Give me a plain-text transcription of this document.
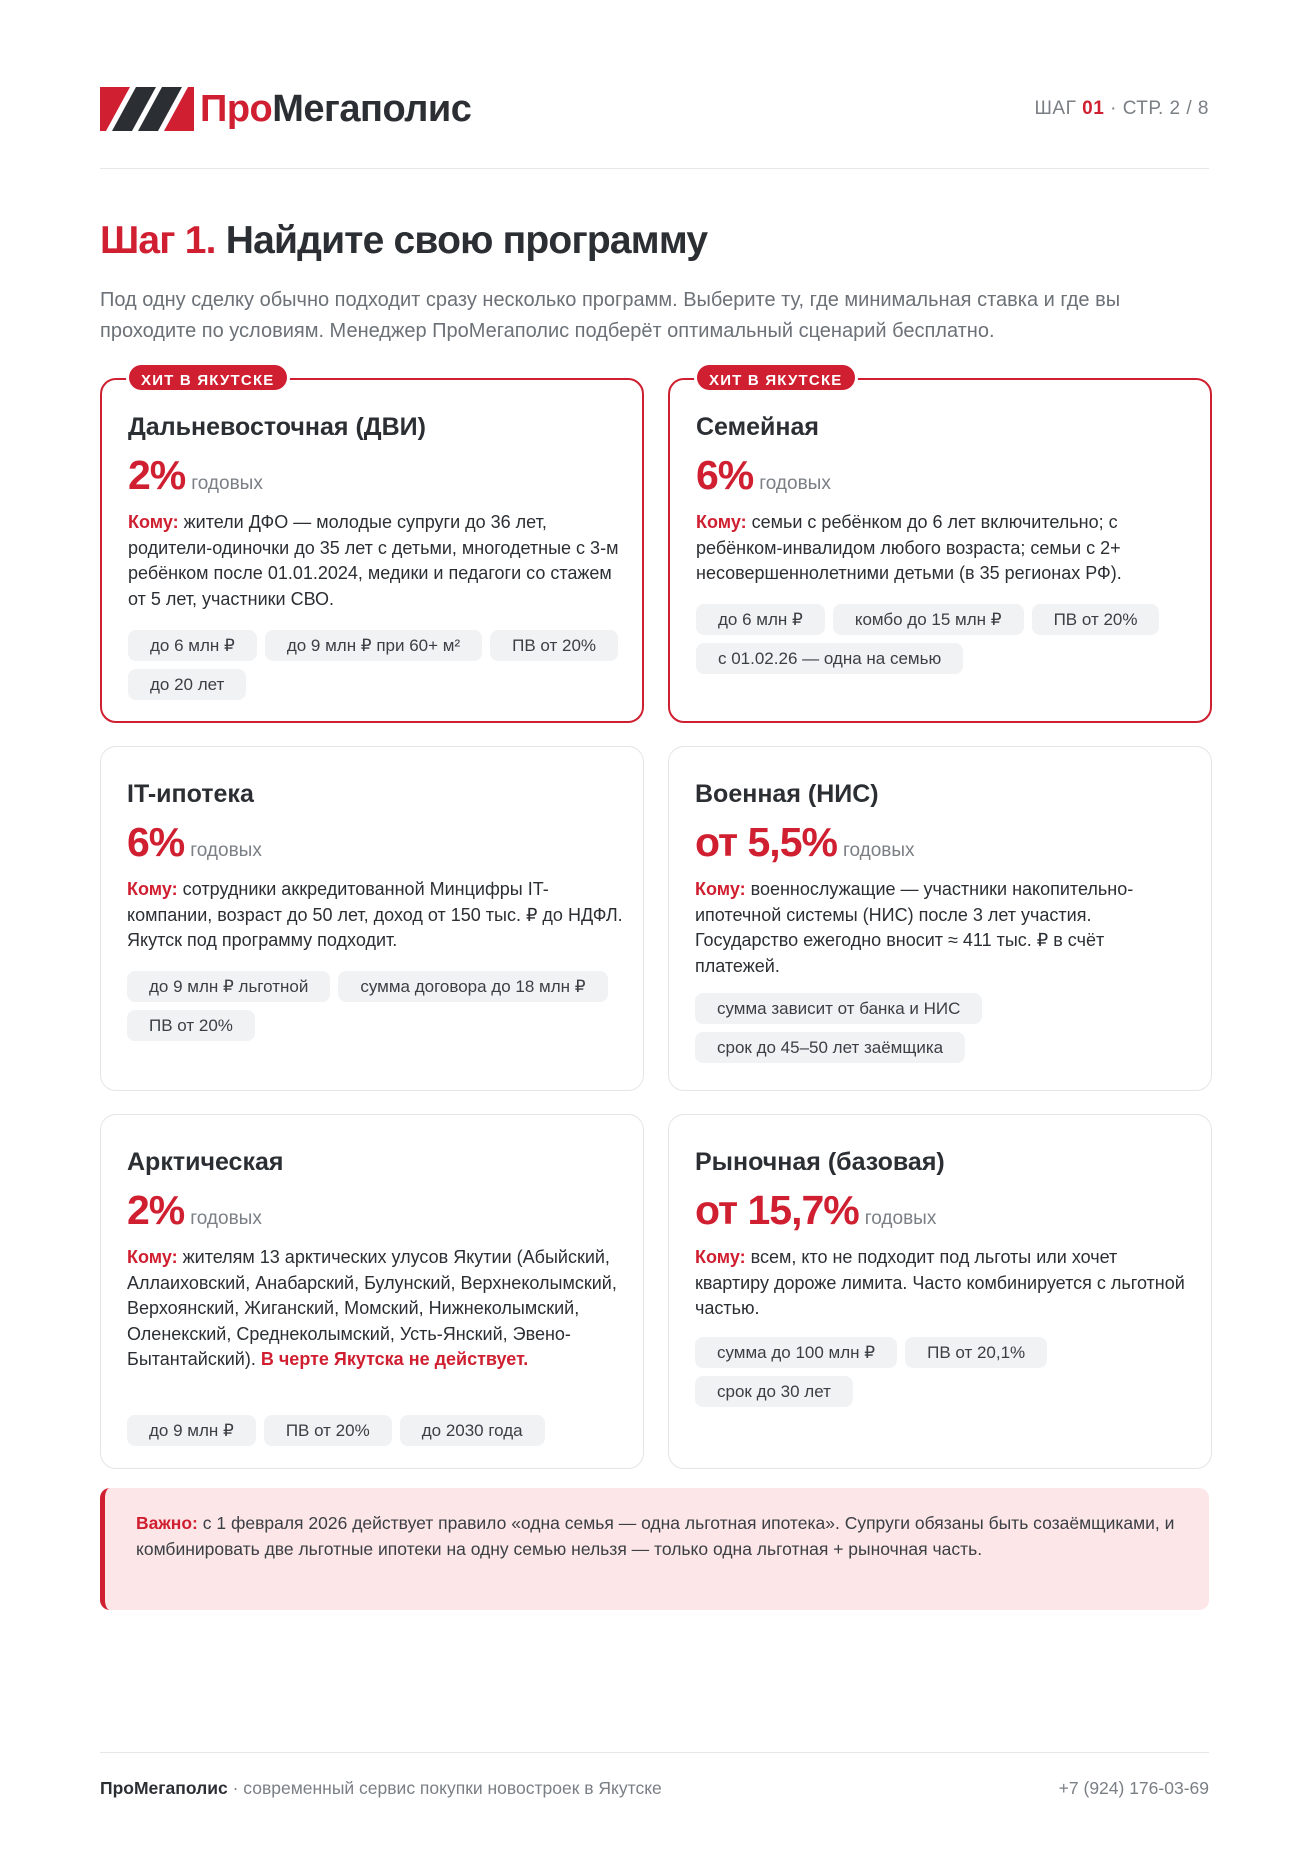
ПроМегаполис	ШАГ 01 · СТР. 2 / 8
Шаг 1. Найдите свою программу

Под одну сделку обычно подходит сразу несколько программ. Выберите ту, где минимальная ставка и где вы проходите по условиям. Менеджер ПроМегаполис подберёт оптимальный сценарий бесплатно.

ХИТ В ЯКУТСКЕ
Дальневосточная (ДВИ)
2% годовых

Кому: жители ДФО — молодые супруги до 36 лет, родители-одиночки до 35 лет с детьми, многодетные с 3-м ребёнком после 01.01.2024, медики и педагоги со стажем от 5 лет, участники СВО.

до 6 млн ₽	до 9 млн ₽ при 60+ м²	ПВ от 20%
до 20 лет
ХИТ В ЯКУТСКЕ
Семейная
6% годовых

Кому: семьи с ребёнком до 6 лет включительно; с ребёнком-инвалидом любого возраста; семьи с 2+ несовершеннолетними детьми (в 35 регионах РФ).

до 6 млн ₽	комбо до 15 млн ₽	ПВ от 20%
с 01.02.26 — одна на семью
IT-ипотека
6% годовых

Кому: сотрудники аккредитованной Минцифры IT-компании, возраст до 50 лет, доход от 150 тыс. ₽ до НДФЛ. Якутск под программу подходит.

до 9 млн ₽ льготной	сумма договора до 18 млн ₽
ПВ от 20%
Военная (НИС)
от 5,5% годовых

Кому: военнослужащие — участники накопительно-ипотечной системы (НИС) после 3 лет участия. Государство ежегодно вносит ≈ 411 тыс. ₽ в счёт платежей.

сумма зависит от банка и НИС
срок до 45–50 лет заёмщика
Арктическая
2% годовых

Кому: жителям 13 арктических улусов Якутии (Абыйский, Аллаиховский, Анабарский, Булунский, Верхнеколымский, Верхоянский, Жиганский, Момский, Нижнеколымский, Оленекский, Среднеколымский, Усть-Янский, Эвено-Бытантайский). В черте Якутска не действует.

до 9 млн ₽	ПВ от 20%	до 2030 года
Рыночная (базовая)
от 15,7% годовых

Кому: всем, кто не подходит под льготы или хочет квартиру дороже лимита. Часто комбинируется с льготной частью.

сумма до 100 млн ₽	ПВ от 20,1%
срок до 30 лет

Важно: с 1 февраля 2026 действует правило «одна семья — одна льготная ипотека». Супруги обязаны быть созаёмщиками, и комбинировать две льготные ипотеки на одну семью нельзя — только одна льготная + рыночная часть.

ПроМегаполис · современный сервис покупки новостроек в Якутске	+7 (924) 176-03-69
